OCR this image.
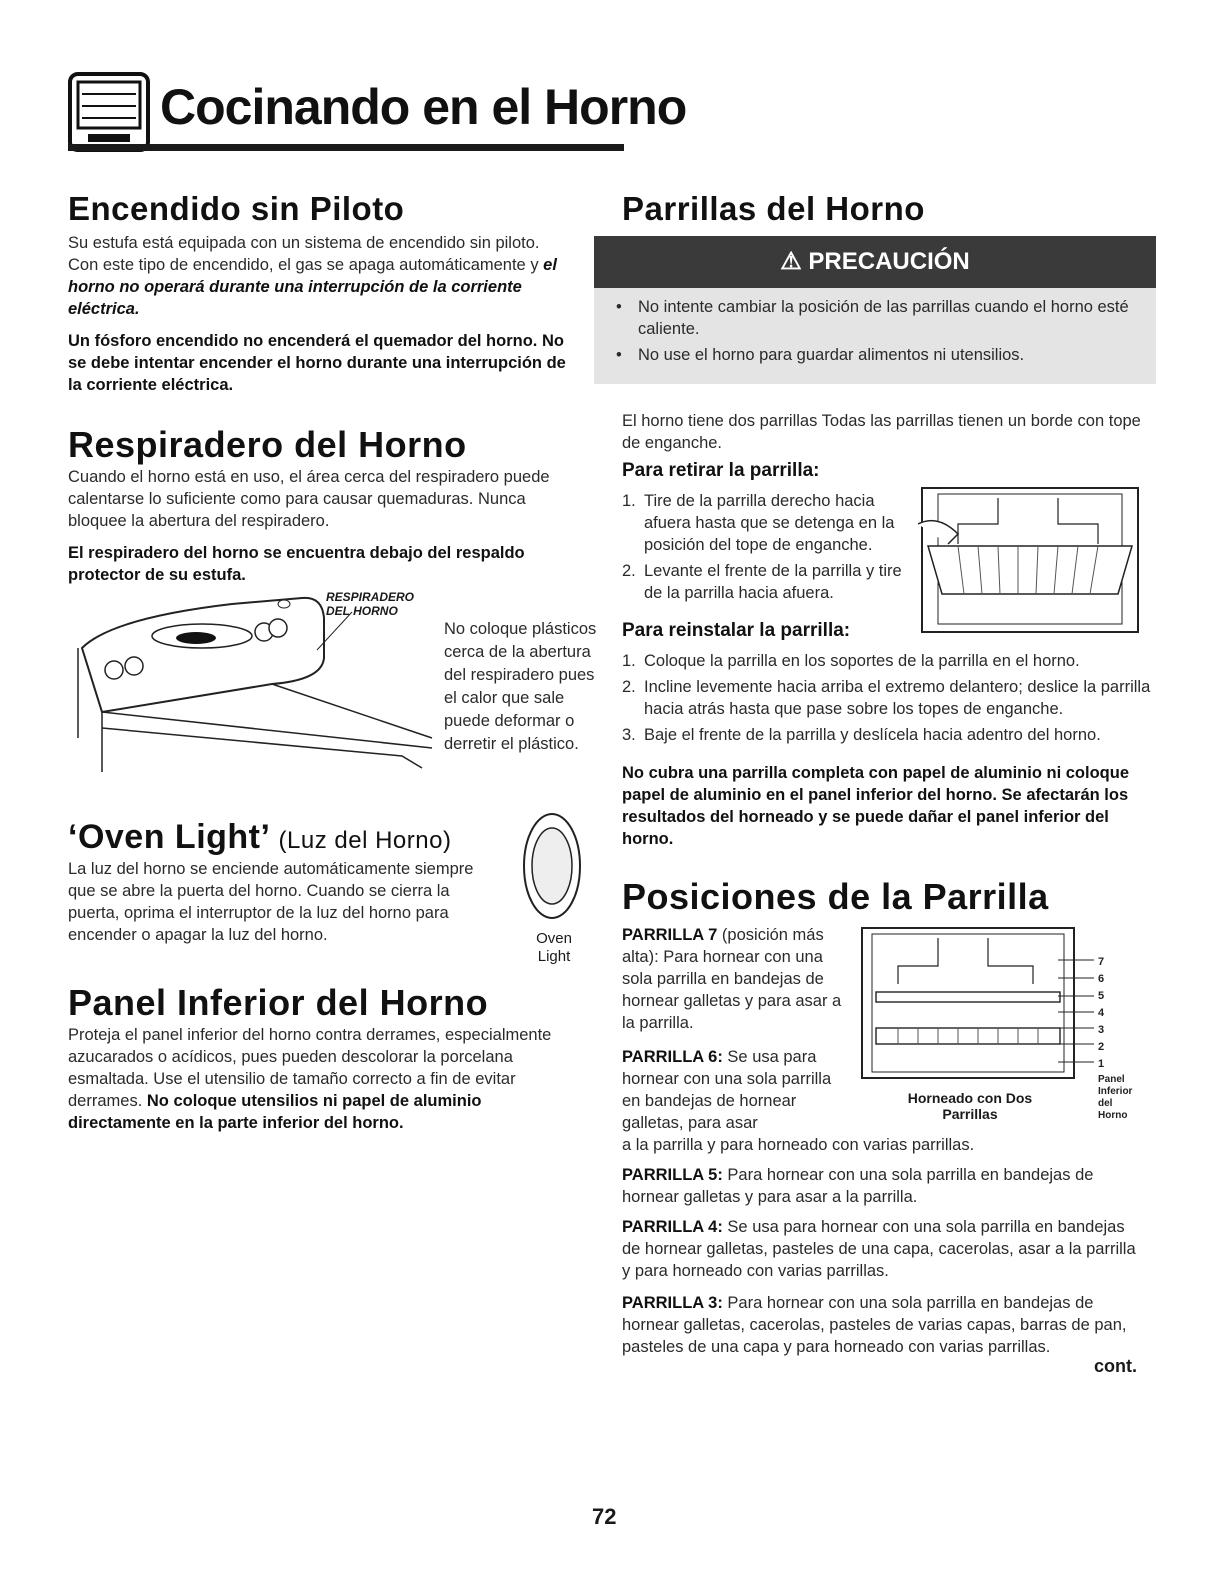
Cocinando en el Horno
Encendido sin Piloto

Su estufa está equipada con un sistema de encendido sin piloto. Con este tipo de encendido, el gas se apaga automáticamente y el horno no operará durante una interrupción de la corriente eléctrica.

Un fósforo encendido no encenderá el quemador del horno. No se debe intentar encender el horno durante una interrupción de la corriente eléctrica.

Respiradero del Horno

Cuando el horno está en uso, el área cerca del respiradero puede calentarse lo suficiente como para causar quemaduras. Nunca bloquee la abertura del respiradero.

El respiradero del horno se encuentra debajo del respaldo protector de su estufa.

RESPIRADERO
DEL HORNO

No coloque plásticos cerca de la abertura del respiradero pues el calor que sale puede deformar o derretir el plástico.

‘Oven Light’ (Luz del Horno)

La luz del horno se enciende automáticamente siempre que se abre la puerta del horno. Cuando se cierra la puerta, oprima el interruptor de la luz del horno para encender o apagar la luz del horno.	Oven
Light
Panel Inferior del Horno

Proteja el panel inferior del horno contra derrames, especialmente azucarados o acídicos, pues pueden descolorar la porcelana esmaltada. Use el utensilio de tamaño correcto a fin de evitar derrames. No coloque utensilios ni papel de aluminio directamente en la parte inferior del horno.

Parrillas del Horno
⚠ PRECAUCIÓN
• No intente cambiar la posición de las parrillas cuando el horno esté caliente.
• No use el horno para guardar alimentos ni utensilios.

El horno tiene dos parrillas Todas las parrillas tienen un borde con tope de enganche.

Para retirar la parrilla:
1. Tire de la parrilla derecho hacia afuera hasta que se detenga en la posición del tope de enganche.
2. Levante el frente de la parrilla y tire de la parrilla hacia afuera.
Para reinstalar la parrilla:
1. Coloque la parrilla en los soportes de la parrilla en el horno.
2. Incline levemente hacia arriba el extremo delantero; deslice la parrilla hacia atrás hasta que pase sobre los topes de enganche.
3. Baje el frente de la parrilla y deslícela hacia adentro del horno.

No cubra una parrilla completa con papel de aluminio ni coloque papel de aluminio en el panel inferior del horno. Se afectarán los resultados del horneado y se puede dañar el panel inferior del horno.

Posiciones de la Parrilla

PARRILLA 7 (posición más alta): Para hornear con una sola parrilla en bandejas de hornear galletas y para asar a la parrilla.

PARRILLA 6: Se usa para hornear con una sola parrilla en bandejas de hornear galletas, para asar

a la parrilla y para horneado con varias parrillas.

7
6
5
4
3
2
1
Panel
Inferior
del
Horno
Horneado con Dos
Parrillas

PARRILLA 5: Para hornear con una sola parrilla en bandejas de hornear galletas y para asar a la parrilla.

PARRILLA 4: Se usa para hornear con una sola parrilla en bandejas de hornear galletas, pasteles de una capa, cacerolas, asar a la parrilla y para horneado con varias parrillas.

PARRILLA 3: Para hornear con una sola parrilla en bandejas de hornear galletas, cacerolas, pasteles de varias capas, barras de pan, pasteles de una capa y para horneado con varias parrillas.

cont.
72
